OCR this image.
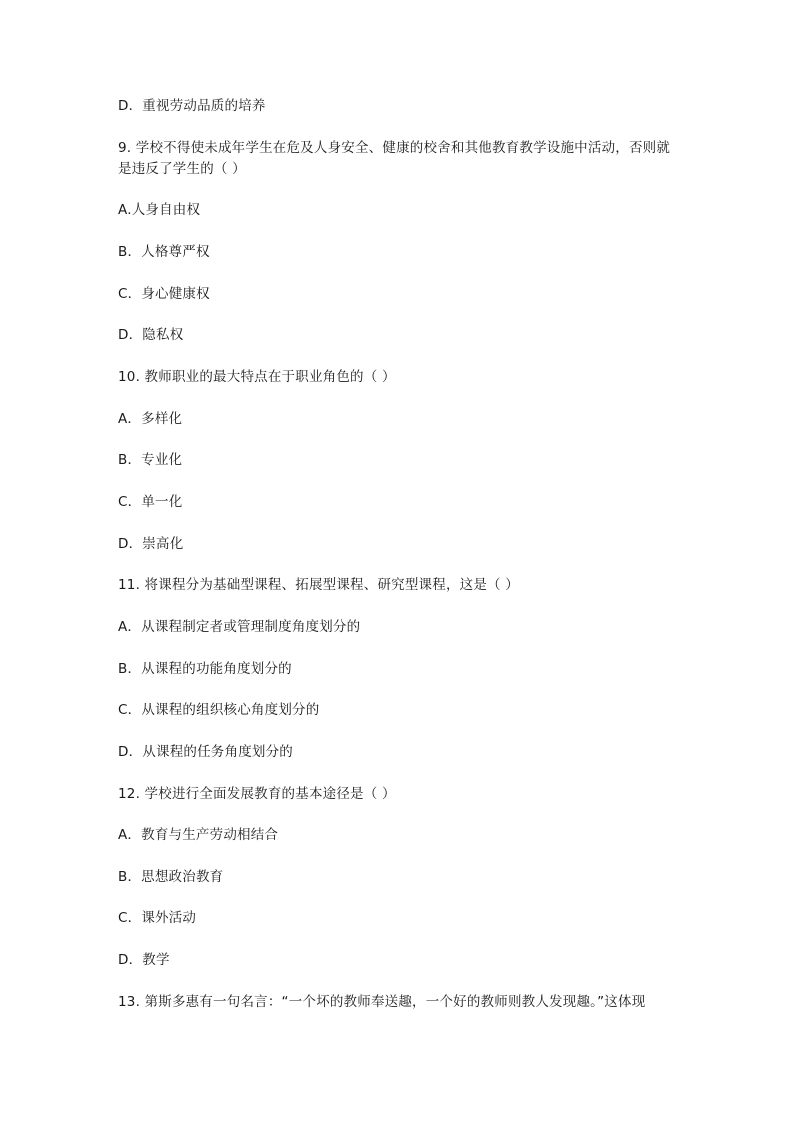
D．重视劳动品质的培养
9. 学校不得使未成年学生在危及人身安全、健康的校舍和其他教育教学设施中活动，否则就是违反了学生的（ ）
A.人身自由权
B．人格尊严权
C．身心健康权
D．隐私权
10. 教师职业的最大特点在于职业角色的（ ）
A．多样化
B．专业化
C．单一化
D．崇高化
11. 将课程分为基础型课程、拓展型课程、研究型课程，这是（ ）
A．从课程制定者或管理制度角度划分的
B．从课程的功能角度划分的
C．从课程的组织核心角度划分的
D．从课程的任务角度划分的
12. 学校进行全面发展教育的基本途径是（ ）
A．教育与生产劳动相结合
B．思想政治教育
C．课外活动
D．教学
13. 第斯多惠有一句名言：“一个坏的教师奉送趣，一个好的教师则教人发现趣。”这体现
